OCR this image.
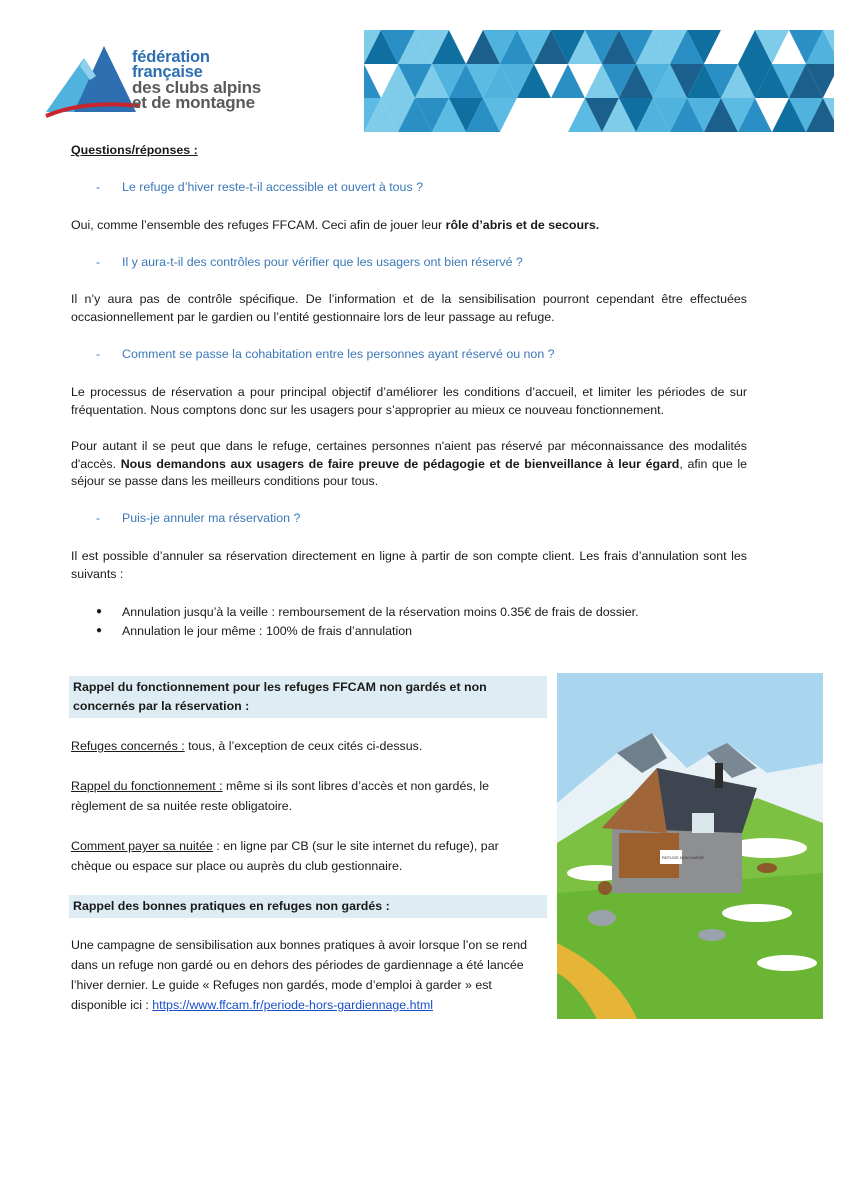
fédération française
des clubs alpins
et de montagne
Questions/réponses :
- Le refuge d’hiver reste-t-il accessible et ouvert à tous ?
Oui, comme l’ensemble des refuges FFCAM. Ceci afin de jouer leur rôle d’abris et de secours.
- Il y aura-t-il des contrôles pour vérifier que les usagers ont bien réservé ?
Il n’y aura pas de contrôle spécifique. De l’information et de la sensibilisation pourront cependant être effectuées occasionnellement par le gardien ou l’entité gestionnaire lors de leur passage au refuge.
- Comment se passe la cohabitation entre les personnes ayant réservé ou non ?
Le processus de réservation a pour principal objectif d’améliorer les conditions d’accueil, et limiter les périodes de sur fréquentation. Nous comptons donc sur les usagers pour s’approprier au mieux ce nouveau fonctionnement.
Pour autant il se peut que dans le refuge, certaines personnes n'aient pas réservé par méconnaissance des modalités d'accès. Nous demandons aux usagers de faire preuve de pédagogie et de bienveillance à leur égard, afin que le séjour se passe dans les meilleurs conditions pour tous.
- Puis-je annuler ma réservation ?
Il est possible d’annuler sa réservation directement en ligne à partir de son compte client. Les frais d’annulation sont les suivants :
●	Annulation jusqu’à la veille : remboursement de la réservation moins 0.35€ de frais de dossier.
●	Annulation le jour même : 100% de frais d’annulation
Rappel du fonctionnement pour les refuges FFCAM non gardés et non concernés par la réservation :
Refuges concernés : tous, à l’exception de ceux cités ci-dessus.
Rappel du fonctionnement : même si ils sont libres d’accès et non gardés, le règlement de sa nuitée reste obligatoire.
Comment payer sa nuitée : en ligne par CB (sur le site internet du refuge), par chèque ou espace sur place ou auprès du club gestionnaire.
Rappel des bonnes pratiques en refuges non gardés :
Une campagne de sensibilisation aux bonnes pratiques à avoir lorsque l’on se rend dans un refuge non gardé ou en dehors des périodes de gardiennage a été lancée l’hiver dernier. Le guide « Refuges non gardés, mode d’emploi à garder » est disponible ici : https://www.ffcam.fr/periode-hors-gardiennage.html
REFUGE NON GARDÉ
